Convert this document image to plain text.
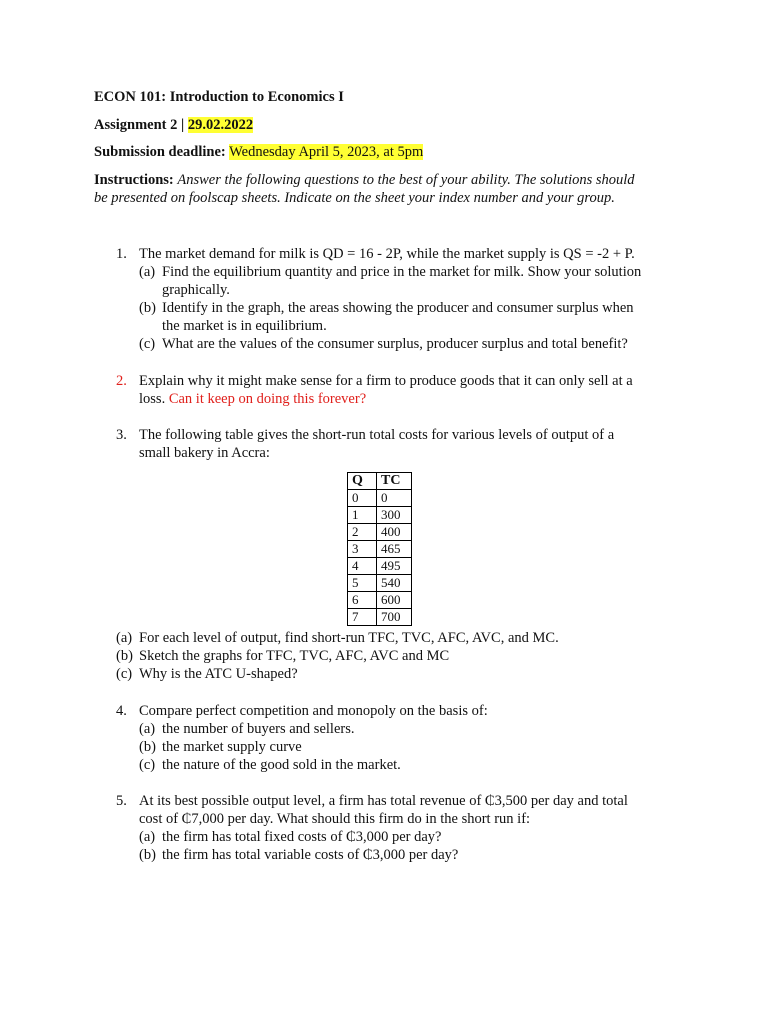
ECON 101: Introduction to Economics I
Assignment 2 | 29.02.2022
Submission deadline: Wednesday April 5, 2023, at 5pm
Instructions: Answer the following questions to the best of your ability. The solutions should
be presented on foolscap sheets. Indicate on the sheet your index number and your group.
1. The market demand for milk is QD = 16 - 2P, while the market supply is QS = -2 + P.
(a) Find the equilibrium quantity and price in the market for milk. Show your solution
graphically.
(b) Identify in the graph, the areas showing the producer and consumer surplus when
the market is in equilibrium.
(c) What are the values of the consumer surplus, producer surplus and total benefit?
2. Explain why it might make sense for a firm to produce goods that it can only sell at a
loss. Can it keep on doing this forever?
3. The following table gives the short-run total costs for various levels of output of a
small bakery in Accra:
Q	TC
0	0
1	300
2	400
3	465
4	495
5	540
6	600
7	700
(a) For each level of output, find short-run TFC, TVC, AFC, AVC, and MC.
(b) Sketch the graphs for TFC, TVC, AFC, AVC and MC
(c) Why is the ATC U-shaped?
4. Compare perfect competition and monopoly on the basis of:
(a) the number of buyers and sellers.
(b) the market supply curve
(c) the nature of the good sold in the market.
5. At its best possible output level, a firm has total revenue of ₵3,500 per day and total
cost of ₵7,000 per day. What should this firm do in the short run if:
(a) the firm has total fixed costs of ₵3,000 per day?
(b) the firm has total variable costs of ₵3,000 per day?
